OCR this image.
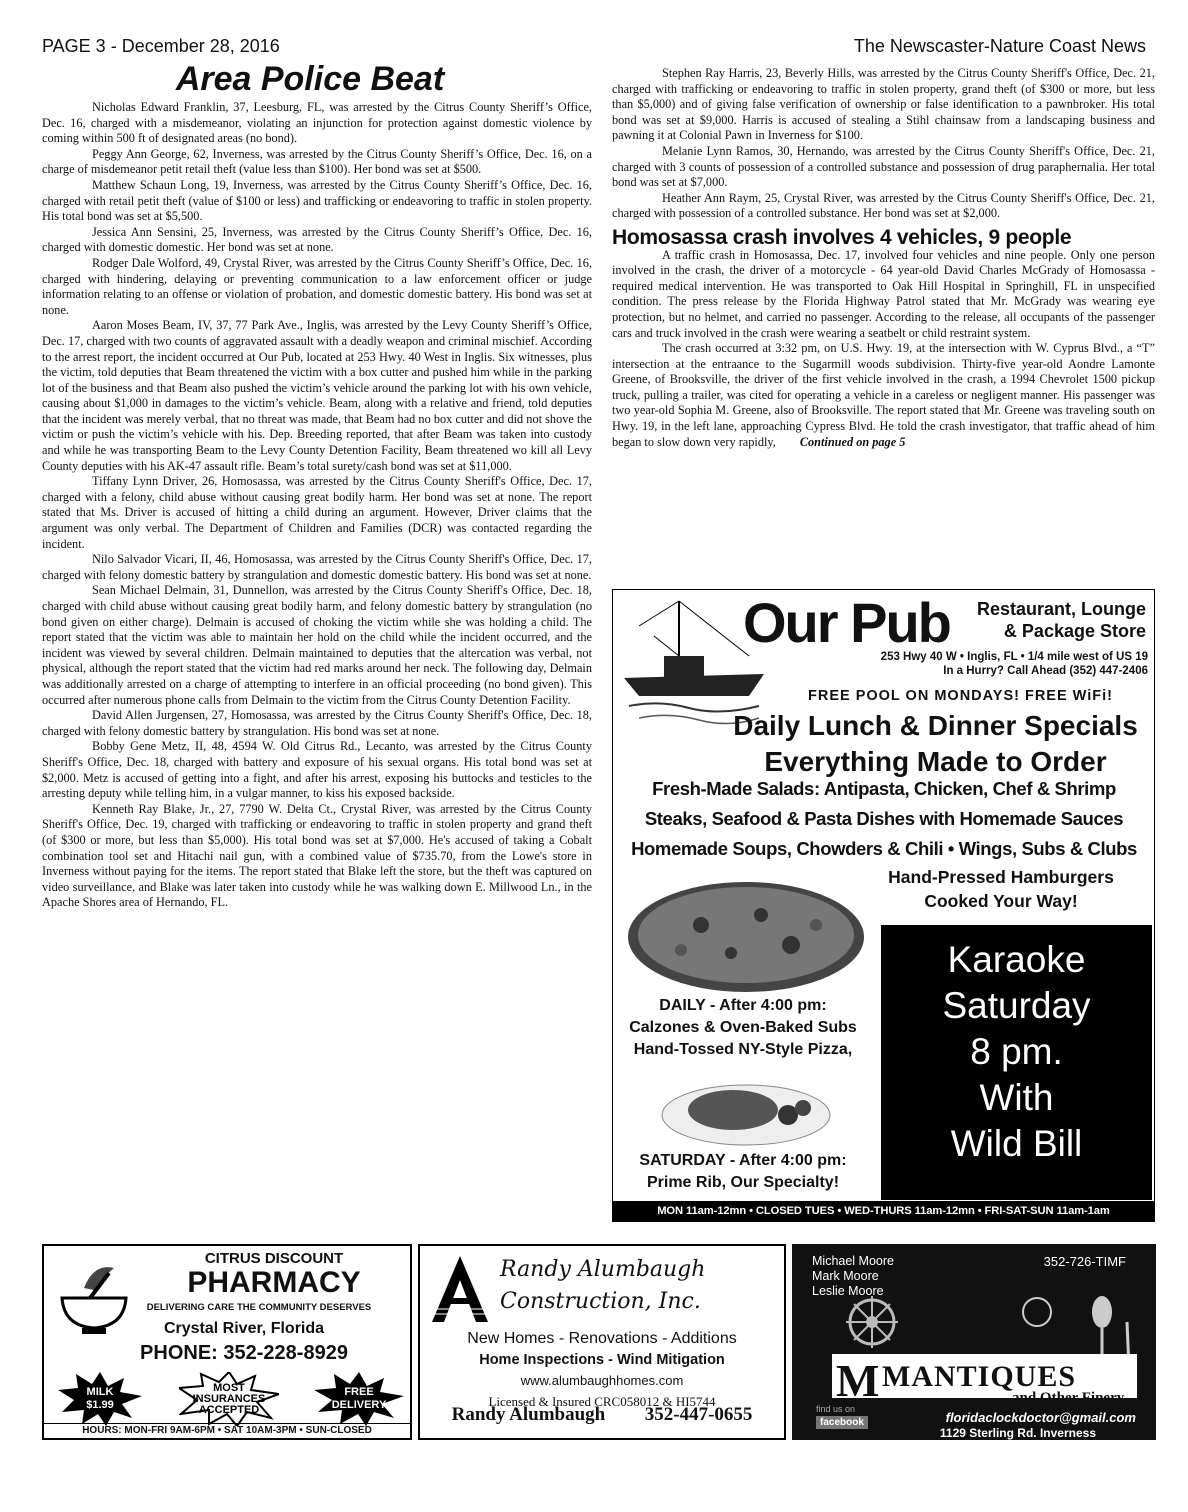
PAGE 3 - December 28, 2016	The Newscaster-Nature Coast News
Area Police Beat

Nicholas Edward Franklin, 37, Leesburg, FL, was arrested by the Citrus County Sheriff’s Office, Dec. 16, charged with a misdemeanor, violating an injunction for protection against domestic violence by coming within 500 ft of designated areas (no bond).

Peggy Ann George, 62, Inverness, was arrested by the Citrus County Sheriff’s Office, Dec. 16, on a charge of misdemeanor petit retail theft (value less than $100). Her bond was set at $500.

Matthew Schaun Long, 19, Inverness, was arrested by the Citrus County Sheriff’s Office, Dec. 16, charged with retail petit theft (value of $100 or less) and trafficking or endeavoring to traffic in stolen property. His total bond was set at $5,500.

Jessica Ann Sensini, 25, Inverness, was arrested by the Citrus County Sheriff’s Office, Dec. 16, charged with domestic domestic. Her bond was set at none.

Rodger Dale Wolford, 49, Crystal River, was arrested by the Citrus County Sheriff’s Office, Dec. 16, charged with hindering, delaying or preventing communication to a law enforcement officer or judge information relating to an offense or violation of probation, and domestic domestic battery. His bond was set at none.

Aaron Moses Beam, IV, 37, 77 Park Ave., Inglis, was arrested by the Levy County Sheriff’s Office, Dec. 17, charged with two counts of aggravated assault with a deadly weapon and criminal mischief. According to the arrest report, the incident occurred at Our Pub, located at 253 Hwy. 40 West in Inglis. Six witnesses, plus the victim, told deputies that Beam threatened the victim with a box cutter and pushed him while in the parking lot of the business and that Beam also pushed the victim’s vehicle around the parking lot with his own vehicle, causing about $1,000 in damages to the victim’s vehicle. Beam, along with a relative and friend, told deputies that the incident was merely verbal, that no threat was made, that Beam had no box cutter and did not shove the victim or push the victim’s vehicle with his. Dep. Breeding reported, that after Beam was taken into custody and while he was transporting Beam to the Levy County Detention Facility, Beam threatened wo kill all Levy County deputies with his AK-47 assault rifle. Beam’s total surety/cash bond was set at $11,000.

Tiffany Lynn Driver, 26, Homosassa, was arrested by the Citrus County Sheriff's Office, Dec. 17, charged with a felony, child abuse without causing great bodily harm. Her bond was set at none. The report stated that Ms. Driver is accused of hitting a child during an argument. However, Driver claims that the argument was only verbal. The Department of Children and Families (DCR) was contacted regarding the incident.

Nilo Salvador Vicari, II, 46, Homosassa, was arrested by the Citrus County Sheriff's Office, Dec. 17, charged with felony domestic battery by strangulation and domestic domestic battery. His bond was set at none.

Sean Michael Delmain, 31, Dunnellon, was arrested by the Citrus County Sheriff's Office, Dec. 18, charged with child abuse without causing great bodily harm, and felony domestic battery by strangulation (no bond given on either charge). Delmain is accused of choking the victim while she was holding a child. The report stated that the victim was able to maintain her hold on the child while the incident occurred, and the incident was viewed by several children. Delmain maintained to deputies that the altercation was verbal, not physical, although the report stated that the victim had red marks around her neck. The following day, Delmain was additionally arrested on a charge of attempting to interfere in an official proceeding (no bond given). This occurred after numerous phone calls from Delmain to the victim from the Citrus County Detention Facility.

David Allen Jurgensen, 27, Homosassa, was arrested by the Citrus County Sheriff's Office, Dec. 18, charged with felony domestic battery by strangulation. His bond was set at none.

Bobby Gene Metz, II, 48, 4594 W. Old Citrus Rd., Lecanto, was arrested by the Citrus County Sheriff's Office, Dec. 18, charged with battery and exposure of his sexual organs. His total bond was set at $2,000. Metz is accused of getting into a fight, and after his arrest, exposing his buttocks and testicles to the arresting deputy while telling him, in a vulgar manner, to kiss his exposed backside.

Kenneth Ray Blake, Jr., 27, 7790 W. Delta Ct., Crystal River, was arrested by the Citrus County Sheriff's Office, Dec. 19, charged with trafficking or endeavoring to traffic in stolen property and grand theft (of $300 or more, but less than $5,000). His total bond was set at $7,000. He's accused of taking a Cobalt combination tool set and Hitachi nail gun, with a combined value of $735.70, from the Lowe's store in Inverness without paying for the items. The report stated that Blake left the store, but the theft was captured on video surveillance, and Blake was later taken into custody while he was walking down E. Millwood Ln., in the Apache Shores area of Hernando, FL.

Stephen Ray Harris, 23, Beverly Hills, was arrested by the Citrus County Sheriff's Office, Dec. 21, charged with trafficking or endeavoring to traffic in stolen property, grand theft (of $300 or more, but less than $5,000) and of giving false verification of ownership or false identification to a pawnbroker. His total bond was set at $9,000. Harris is accused of stealing a Stihl chainsaw from a landscaping business and pawning it at Colonial Pawn in Inverness for $100.

Melanie Lynn Ramos, 30, Hernando, was arrested by the Citrus County Sheriff's Office, Dec. 21, charged with 3 counts of possession of a controlled substance and possession of drug paraphernalia. Her total bond was set at $7,000.

Heather Ann Raym, 25, Crystal River, was arrested by the Citrus County Sheriff's Office, Dec. 21, charged with possession of a controlled substance. Her bond was set at $2,000.

Homosassa crash involves 4 vehicles, 9 people

A traffic crash in Homosassa, Dec. 17, involved four vehicles and nine people. Only one person involved in the crash, the driver of a motorcycle - 64 year-old David Charles McGrady of Homosassa - required medical intervention. He was transported to Oak Hill Hospital in Springhill, FL in unspecified condition. The press release by the Florida Highway Patrol stated that Mr. McGrady was wearing eye protection, but no helmet, and carried no passenger. According to the release, all occupants of the passenger cars and truck involved in the crash were wearing a seatbelt or child restraint system.

The crash occurred at 3:32 pm, on U.S. Hwy. 19, at the intersection with W. Cyprus Blvd., a “T” intersection at the entraance to the Sugarmill woods subdivision. Thirty-five year-old Aondre Lamonte Greene, of Brooksville, the driver of the first vehicle involved in the crash, a 1994 Chevrolet 1500 pickup truck, pulling a trailer, was cited for operating a vehicle in a careless or negligent manner. His passenger was two year-old Sophia M. Greene, also of Brooksville. The report stated that Mr. Greene was traveling south on Hwy. 19, in the left lane, approaching Cypress Blvd. He told the crash investigator, that traffic ahead of him began to slow down very rapidly, Continued on page 5

Our Pub	Restaurant, Lounge
& Package Store
253 Hwy 40 W • Inglis, FL • 1/4 mile west of US 19
In a Hurry? Call Ahead (352) 447-2406
FREE POOL ON MONDAYS! FREE WiFi!
Daily Lunch & Dinner Specials
Everything Made to Order
Fresh-Made Salads: Antipasta, Chicken, Chef & Shrimp
Steaks, Seafood & Pasta Dishes with Homemade Sauces
Homemade Soups, Chowders & Chili • Wings, Subs & Clubs
Hand-Pressed Hamburgers
Cooked Your Way!
DAILY - After 4:00 pm:
Calzones & Oven-Baked Subs
Hand-Tossed NY-Style Pizza,
SATURDAY - After 4:00 pm:
Prime Rib, Our Specialty!
Karaoke
Saturday
8 pm.
With
Wild Bill
MON 11am-12mn • CLOSED TUES • WED-THURS 11am-12mn • FRI-SAT-SUN 11am-1am
CITRUS DISCOUNT
PHARMACY
DELIVERING CARE THE COMMUNITY DESERVES
Crystal River, Florida
PHONE: 352-228-8929
MILK
$1.99
MOST
INSURANCES
ACCEPTED
FREE
DELIVERY
HOURS: MON-FRI 9AM-6PM • SAT 10AM-3PM • SUN-CLOSED
Randy Alumbaugh
Construction, Inc.
New Homes - Renovations - Additions
Home Inspections - Wind Mitigation
www.alumbaughhomes.com
Licensed & Insured CRC058012 & HI5744
Randy Alumbaugh 352-447-0655
Michael Moore
Mark Moore
Leslie Moore
352-726-TIMF
M MANTIQUES
and Other Finery
find us on
facebook	floridaclockdoctor@gmail.com
1129 Sterling Rd. Inverness
